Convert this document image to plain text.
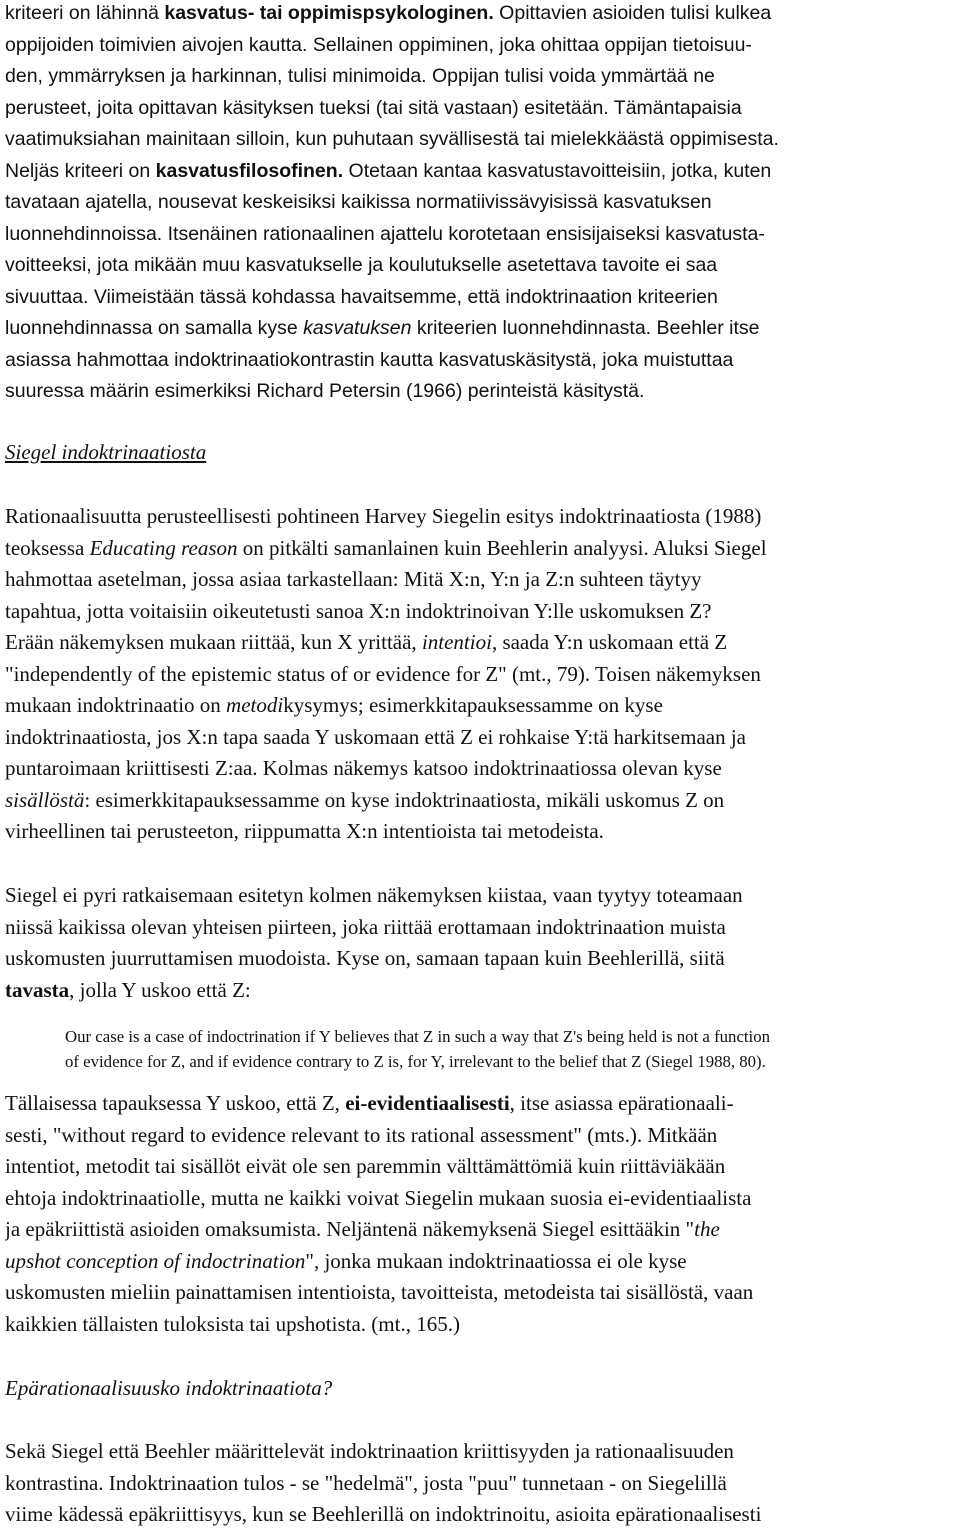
kriteeri on lähinnä kasvatus- tai oppimispsykologinen. Opittavien asioiden tulisi kulkea
oppijoiden toimivien aivojen kautta. Sellainen oppiminen, joka ohittaa oppijan tietoisuu-
den, ymmärryksen ja harkinnan, tulisi minimoida. Oppijan tulisi voida ymmärtää ne
perusteet, joita opittavan käsityksen tueksi (tai sitä vastaan) esitetään. Tämäntapaisia
vaatimuksiahan mainitaan silloin, kun puhutaan syvällisestä tai mielekkäästä oppimisesta.
Neljäs kriteeri on kasvatusfilosofinen. Otetaan kantaa kasvatustavoitteisiin, jotka, kuten
tavataan ajatella, nousevat keskeisiksi kaikissa normatiivissävyisissä kasvatuksen
luonnehdinnoissa. Itsenäinen rationaalinen ajattelu korotetaan ensisijaiseksi kasvatusta-
voitteeksi, jota mikään muu kasvatukselle ja koulutukselle asetettava tavoite ei saa
sivuuttaa. Viimeistään tässä kohdassa havaitsemme, että indoktrinaation kriteerien
luonnehdinnassa on samalla kyse kasvatuksen kriteerien luonnehdinnasta. Beehler itse
asiassa hahmottaa indoktrinaatiokontrastin kautta kasvatuskäsitystä, joka muistuttaa
suuressa määrin esimerkiksi Richard Petersin (1966) perinteistä käsitystä.
Siegel indoktrinaatiosta
Rationaalisuutta perusteellisesti pohtineen Harvey Siegelin esitys indoktrinaatiosta (1988)
teoksessa Educating reason on pitkälti samanlainen kuin Beehlerin analyysi. Aluksi Siegel
hahmottaa asetelman, jossa asiaa tarkastellaan: Mitä X:n, Y:n ja Z:n suhteen täytyy
tapahtua, jotta voitaisiin oikeutetusti sanoa X:n indoktrinoivan Y:lle uskomuksen Z?
Erään näkemyksen mukaan riittää, kun X yrittää, intentioi, saada Y:n uskomaan että Z
"independently of the epistemic status of or evidence for Z" (mt., 79). Toisen näkemyksen
mukaan indoktrinaatio on metodikysymys; esimerkkitapauksessamme on kyse
indoktrinaatiosta, jos X:n tapa saada Y uskomaan että Z ei rohkaise Y:tä harkitsemaan ja
puntaroimaan kriittisesti Z:aa. Kolmas näkemys katsoo indoktrinaatiossa olevan kyse
sisällöstä: esimerkkitapauksessamme on kyse indoktrinaatiosta, mikäli uskomus Z on
virheellinen tai perusteeton, riippumatta X:n intentioista tai metodeista.
Siegel ei pyri ratkaisemaan esitetyn kolmen näkemyksen kiistaa, vaan tyytyy toteamaan
niissä kaikissa olevan yhteisen piirteen, joka riittää erottamaan indoktrinaation muista
uskomusten juurruttamisen muodoista. Kyse on, samaan tapaan kuin Beehlerillä, siitä
tavasta, jolla Y uskoo että Z:
Our case is a case of indoctrination if Y believes that Z in such a way that Z's being held is not a function
of evidence for Z, and if evidence contrary to Z is, for Y, irrelevant to the belief that Z (Siegel 1988, 80).
Tällaisessa tapauksessa Y uskoo, että Z, ei-evidentiaalisesti, itse asiassa epärationaali-
sesti, "without regard to evidence relevant to its rational assessment" (mts.). Mitkään
intentiot, metodit tai sisällöt eivät ole sen paremmin välttämättömiä kuin riittäviäkään
ehtoja indoktrinaatiolle, mutta ne kaikki voivat Siegelin mukaan suosia ei-evidentiaalista
ja epäkriittistä asioiden omaksumista. Neljäntenä näkemyksenä Siegel esittääkin "the
upshot conception of indoctrination", jonka mukaan indoktrinaatiossa ei ole kyse
uskomusten mieliin painattamisen intentioista, tavoitteista, metodeista tai sisällöstä, vaan
kaikkien tällaisten tuloksista tai upshotista. (mt., 165.)
Epärationaalisuusko indoktrinaatiota?
Sekä Siegel että Beehler määrittelevät indoktrinaation kriittisyyden ja rationaalisuuden
kontrastina. Indoktrinaation tulos - se "hedelmä", josta "puu" tunnetaan - on Siegelillä
viime kädessä epäkriittisyys, kun se Beehlerillä on indoktrinoitu, asioita epärationaalisesti
